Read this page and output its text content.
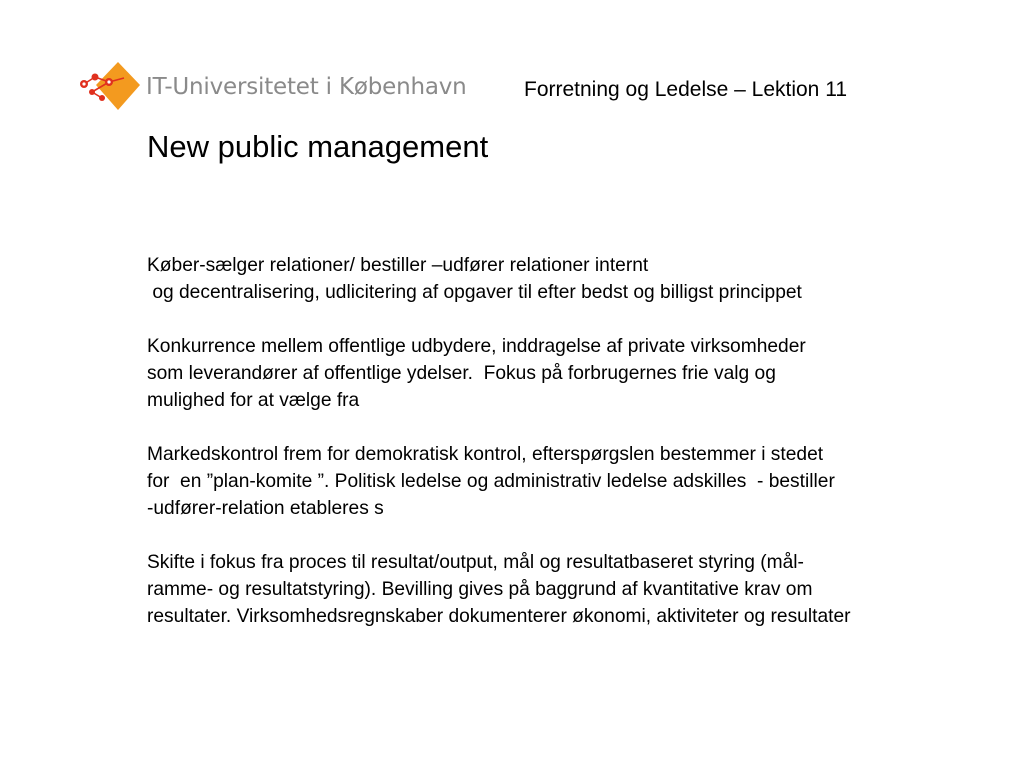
IT-Universitetet i København	Forretning og Ledelse – Lektion 11
New public management

Køber-sælger relationer/ bestiller –udfører relationer internt
og decentralisering, udlicitering af opgaver til efter bedst og billigst princippet

Konkurrence mellem offentlige udbydere, inddragelse af private virksomheder
som leverandører af offentlige ydelser.  Fokus på forbrugernes frie valg og
mulighed for at vælge fra

Markedskontrol frem for demokratisk kontrol, efterspørgslen bestemmer i stedet
for  en ”plan-komite ”. Politisk ledelse og administrativ ledelse adskilles  - bestiller
-udfører-relation etableres s

Skifte i fokus fra proces til resultat/output, mål og resultatbaseret styring (mål-
ramme- og resultatstyring). Bevilling gives på baggrund af kvantitative krav om
resultater. Virksomhedsregnskaber dokumenterer økonomi, aktiviteter og resultater
